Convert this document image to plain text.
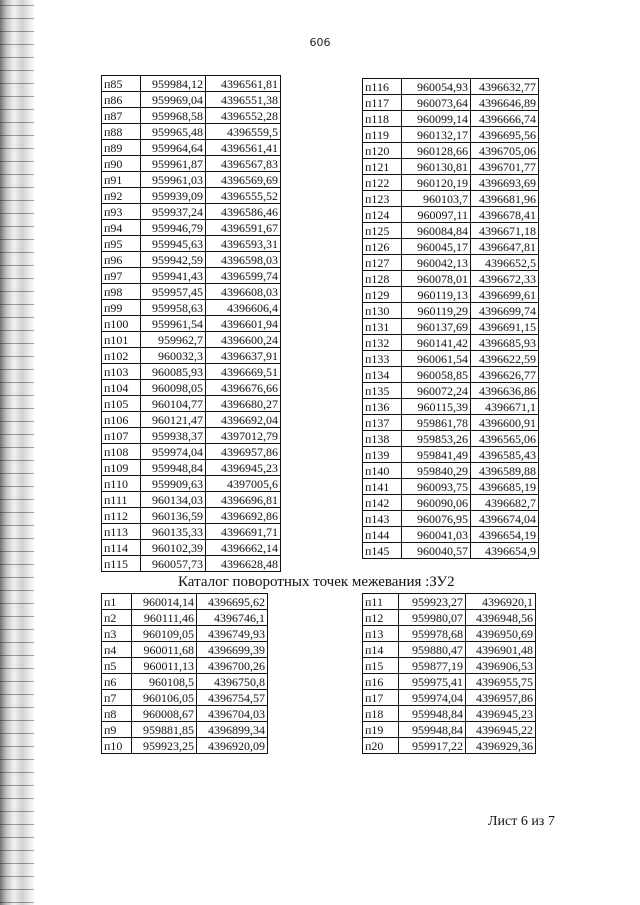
606
п85	959984,12	4396561,81
п86	959969,04	4396551,38
п87	959968,58	4396552,28
п88	959965,48	4396559,5
п89	959964,64	4396561,41
п90	959961,87	4396567,83
п91	959961,03	4396569,69
п92	959939,09	4396555,52
п93	959937,24	4396586,46
п94	959946,79	4396591,67
п95	959945,63	4396593,31
п96	959942,59	4396598,03
п97	959941,43	4396599,74
п98	959957,45	4396608,03
п99	959958,63	4396606,4
п100	959961,54	4396601,94
п101	959962,7	4396600,24
п102	960032,3	4396637,91
п103	960085,93	4396669,51
п104	960098,05	4396676,66
п105	960104,77	4396680,27
п106	960121,47	4396692,04
п107	959938,37	4397012,79
п108	959974,04	4396957,86
п109	959948,84	4396945,23
п110	959909,63	4397005,6
п111	960134,03	4396696,81
п112	960136,59	4396692,86
п113	960135,33	4396691,71
п114	960102,39	4396662,14
п115	960057,73	4396628,48
п116	960054,93	4396632,77
п117	960073,64	4396646,89
п118	960099,14	4396666,74
п119	960132,17	4396695,56
п120	960128,66	4396705,06
п121	960130,81	4396701,77
п122	960120,19	4396693,69
п123	960103,7	4396681,96
п124	960097,11	4396678,41
п125	960084,84	4396671,18
п126	960045,17	4396647,81
п127	960042,13	4396652,5
п128	960078,01	4396672,33
п129	960119,13	4396699,61
п130	960119,29	4396699,74
п131	960137,69	4396691,15
п132	960141,42	4396685,93
п133	960061,54	4396622,59
п134	960058,85	4396626,77
п135	960072,24	4396636,86
п136	960115,39	4396671,1
п137	959861,78	4396600,91
п138	959853,26	4396565,06
п139	959841,49	4396585,43
п140	959840,29	4396589,88
п141	960093,75	4396685,19
п142	960090,06	4396682,7
п143	960076,95	4396674,04
п144	960041,03	4396654,19
п145	960040,57	4396654,9
Каталог поворотных точек межевания :ЗУ2
п1	960014,14	4396695,62
п2	960111,46	4396746,1
п3	960109,05	4396749,93
п4	960011,68	4396699,39
п5	960011,13	4396700,26
п6	960108,5	4396750,8
п7	960106,05	4396754,57
п8	960008,67	4396704,03
п9	959881,85	4396899,34
п10	959923,25	4396920,09
п11	959923,27	4396920,1
п12	959980,07	4396948,56
п13	959978,68	4396950,69
п14	959880,47	4396901,48
п15	959877,19	4396906,53
п16	959975,41	4396955,75
п17	959974,04	4396957,86
п18	959948,84	4396945,23
п19	959948,84	4396945,22
п20	959917,22	4396929,36
Лист 6 из 7
